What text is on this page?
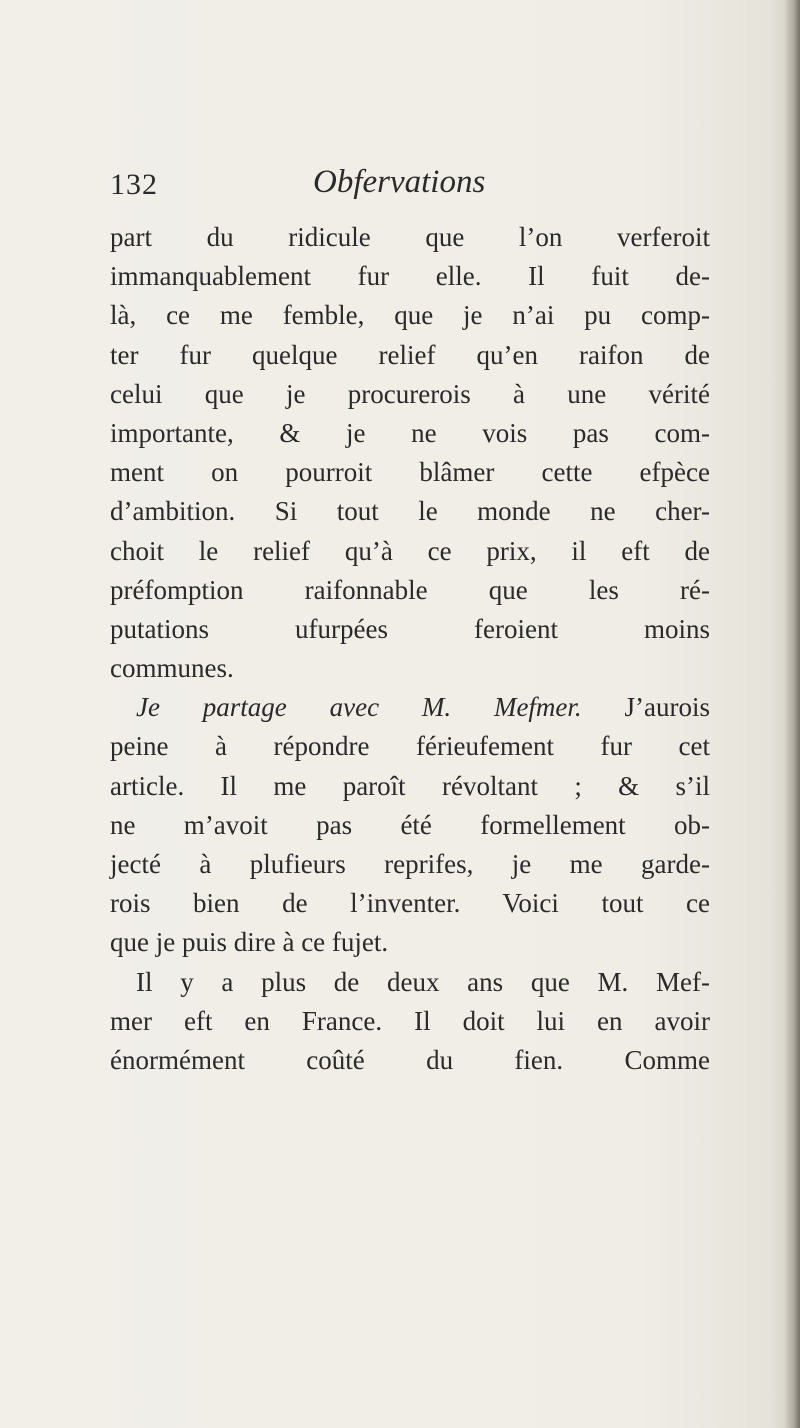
132	Obfervations
part du ridicule que l’on verferoit
immanquablement fur elle. Il fuit de-
là, ce me femble, que je n’ai pu comp-
ter fur quelque relief qu’en raifon de
celui que je procurerois à une vérité
importante, & je ne vois pas com-
ment on pourroit blâmer cette efpèce
d’ambition. Si tout le monde ne cher-
choit le relief qu’à ce prix, il eft de
préfomption raifonnable que les ré-
putations ufurpées feroient moins
communes.
Je partage avec M. Mefmer. J’aurois
peine à répondre férieufement fur cet
article. Il me paroît révoltant ; & s’il
ne m’avoit pas été formellement ob-
jecté à plufieurs reprifes, je me garde-
rois bien de l’inventer. Voici tout ce
que je puis dire à ce fujet.
Il y a plus de deux ans que M. Mef-
mer eft en France. Il doit lui en avoir
énormément coûté du fien. Comme
